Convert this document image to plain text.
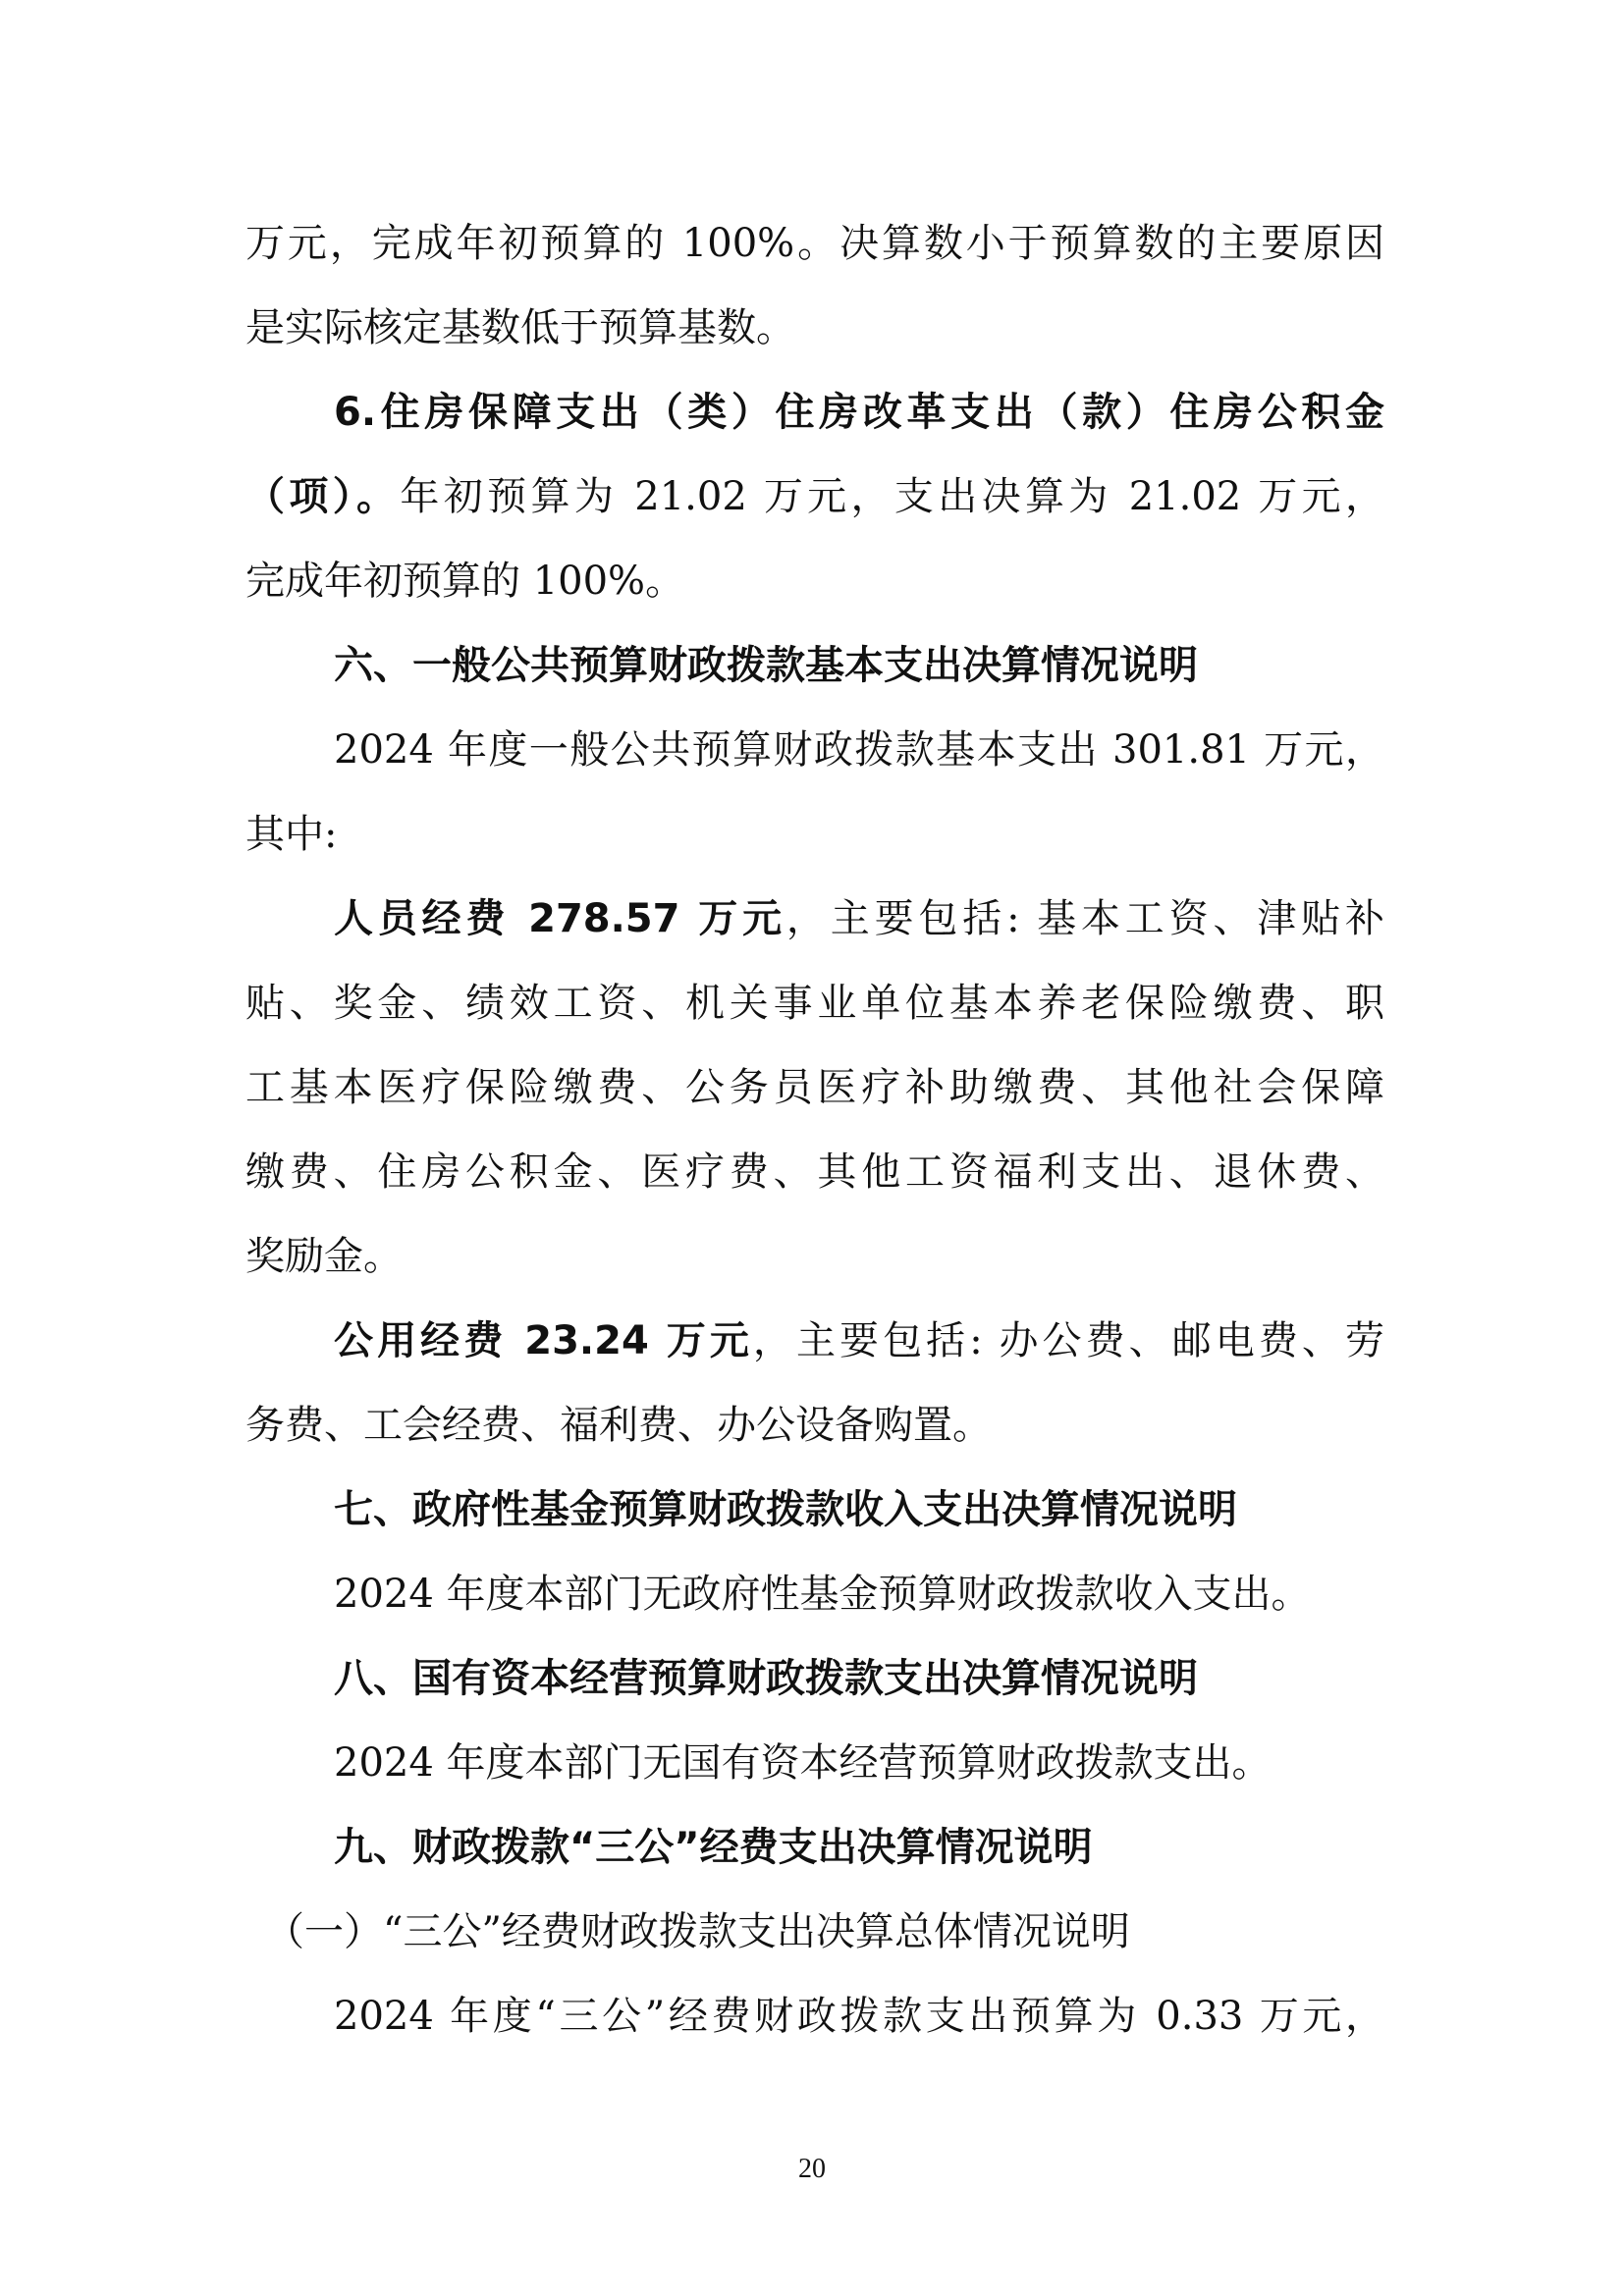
万元，完成年初预算的 100%。决算数小于预算数的主要原因
是实际核定基数低于预算基数。
6.住房保障支出（类）住房改革支出（款）住房公积金
（项）。年初预算为 21.02 万元，支出决算为 21.02 万元，
完成年初预算的 100%。
六、一般公共预算财政拨款基本支出决算情况说明
2024 年度一般公共预算财政拨款基本支出 301.81 万元，
其中:
人员经费 278.57 万元，主要包括: 基本工资、津贴补
贴、奖金、绩效工资、机关事业单位基本养老保险缴费、职
工基本医疗保险缴费、公务员医疗补助缴费、其他社会保障
缴费、住房公积金、医疗费、其他工资福利支出、退休费、
奖励金。
公用经费 23.24 万元，主要包括: 办公费、邮电费、劳
务费、工会经费、福利费、办公设备购置。
七、政府性基金预算财政拨款收入支出决算情况说明
2024 年度本部门无政府性基金预算财政拨款收入支出。
八、国有资本经营预算财政拨款支出决算情况说明
2024 年度本部门无国有资本经营预算财政拨款支出。
九、财政拨款“三公”经费支出决算情况说明
（一）“三公”经费财政拨款支出决算总体情况说明
2024 年度“三公”经费财政拨款支出预算为 0.33 万元，
20
